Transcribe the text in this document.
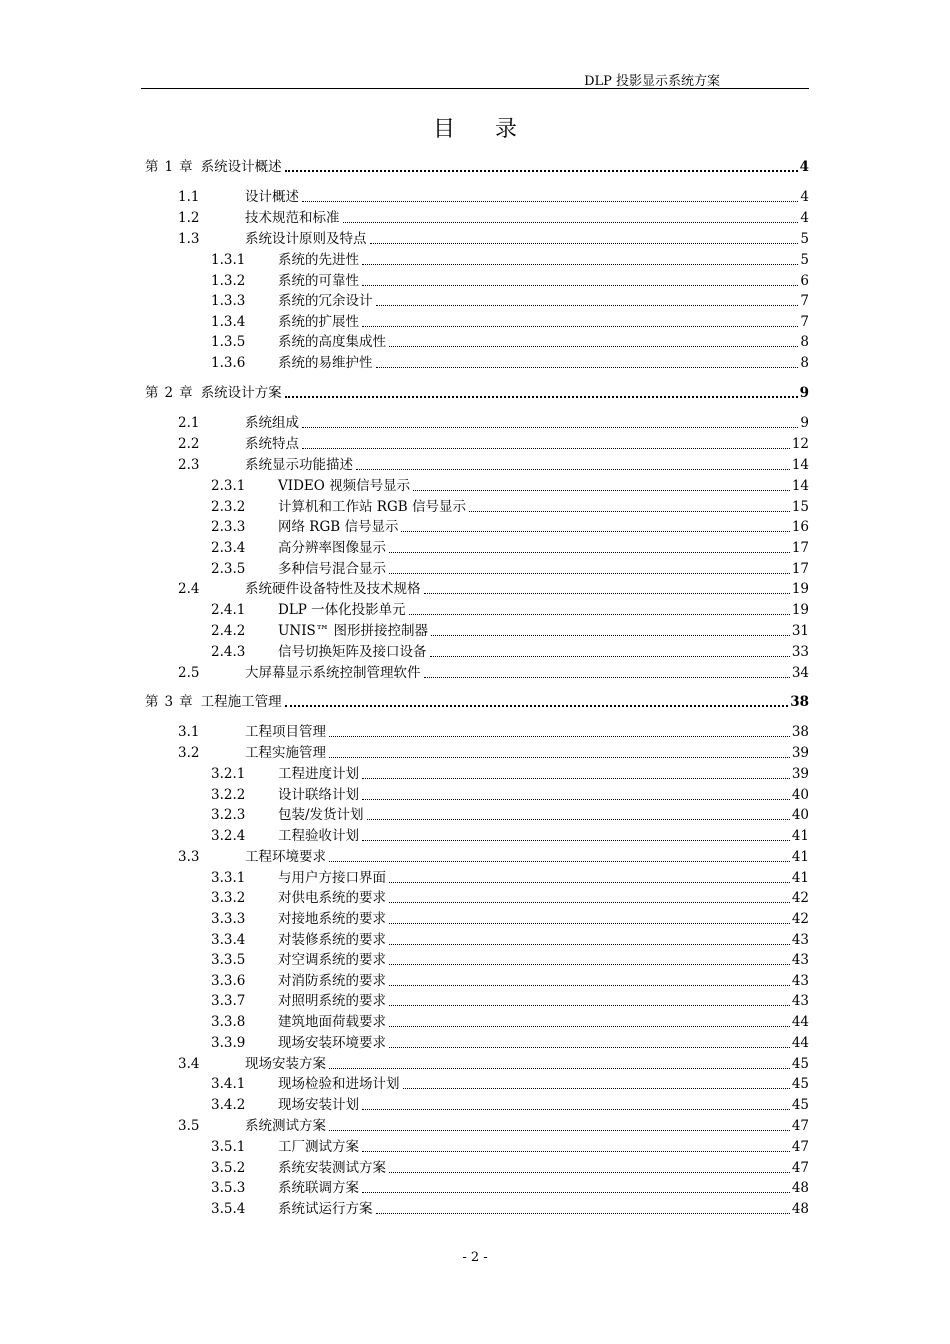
DLP 投影显示系统方案
目录
第 1 章 系统设计概述	4
1.1	设计概述	4
1.2	技术规范和标准	4
1.3	系统设计原则及特点	5
1.3.1	系统的先进性	5
1.3.2	系统的可靠性	6
1.3.3	系统的冗余设计	7
1.3.4	系统的扩展性	7
1.3.5	系统的高度集成性	8
1.3.6	系统的易维护性	8
第 2 章 系统设计方案	9
2.1	系统组成	9
2.2	系统特点	12
2.3	系统显示功能描述	14
2.3.1	VIDEO 视频信号显示	14
2.3.2	计算机和工作站 RGB 信号显示	15
2.3.3	网络 RGB 信号显示	16
2.3.4	高分辨率图像显示	17
2.3.5	多种信号混合显示	17
2.4	系统硬件设备特性及技术规格	19
2.4.1	DLP 一体化投影单元	19
2.4.2	UNIS™ 图形拼接控制器	31
2.4.3	信号切换矩阵及接口设备	33
2.5	大屏幕显示系统控制管理软件	34
第 3 章 工程施工管理	38
3.1	工程项目管理	38
3.2	工程实施管理	39
3.2.1	工程进度计划	39
3.2.2	设计联络计划	40
3.2.3	包装/发货计划	40
3.2.4	工程验收计划	41
3.3	工程环境要求	41
3.3.1	与用户方接口界面	41
3.3.2	对供电系统的要求	42
3.3.3	对接地系统的要求	42
3.3.4	对装修系统的要求	43
3.3.5	对空调系统的要求	43
3.3.6	对消防系统的要求	43
3.3.7	对照明系统的要求	43
3.3.8	建筑地面荷载要求	44
3.3.9	现场安装环境要求	44
3.4	现场安装方案	45
3.4.1	现场检验和进场计划	45
3.4.2	现场安装计划	45
3.5	系统测试方案	47
3.5.1	工厂测试方案	47
3.5.2	系统安装测试方案	47
3.5.3	系统联调方案	48
3.5.4	系统试运行方案	48
- 2 -
